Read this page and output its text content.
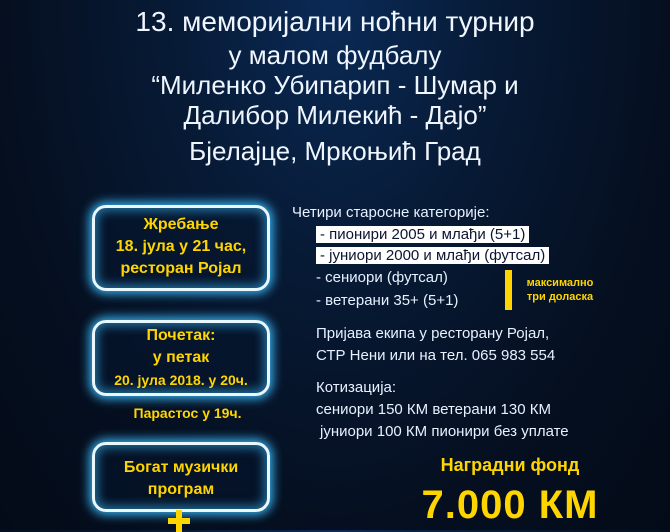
13. меморијални ноћни турнир
у малом фудбалу
“Миленко Убипарип - Шумар и
Далибор Милекић - Дајо”
Бјелајце, Мркоњић Град
Жребање
18. јула у 21 час,
ресторан Ројал
Почетак:
у петак
20. јула 2018. у 20ч.
Парастос у 19ч.
Богат музички
програм
Четири старосне категорије:
- пионири 2005 и млађи (5+1)
- јуниори 2000 и млађи (футсал)
- сениори (футсал)
- ветерани 35+ (5+1)
максимално
три доласка
Пријава екипа у ресторану Ројал,
СТР Нени или на тел. 065 983 554
Котизација:
сениори 150 КМ ветерани 130 КМ
јуниори 100 КМ пионири без уплате
Наградни фонд
7.000 КМ
